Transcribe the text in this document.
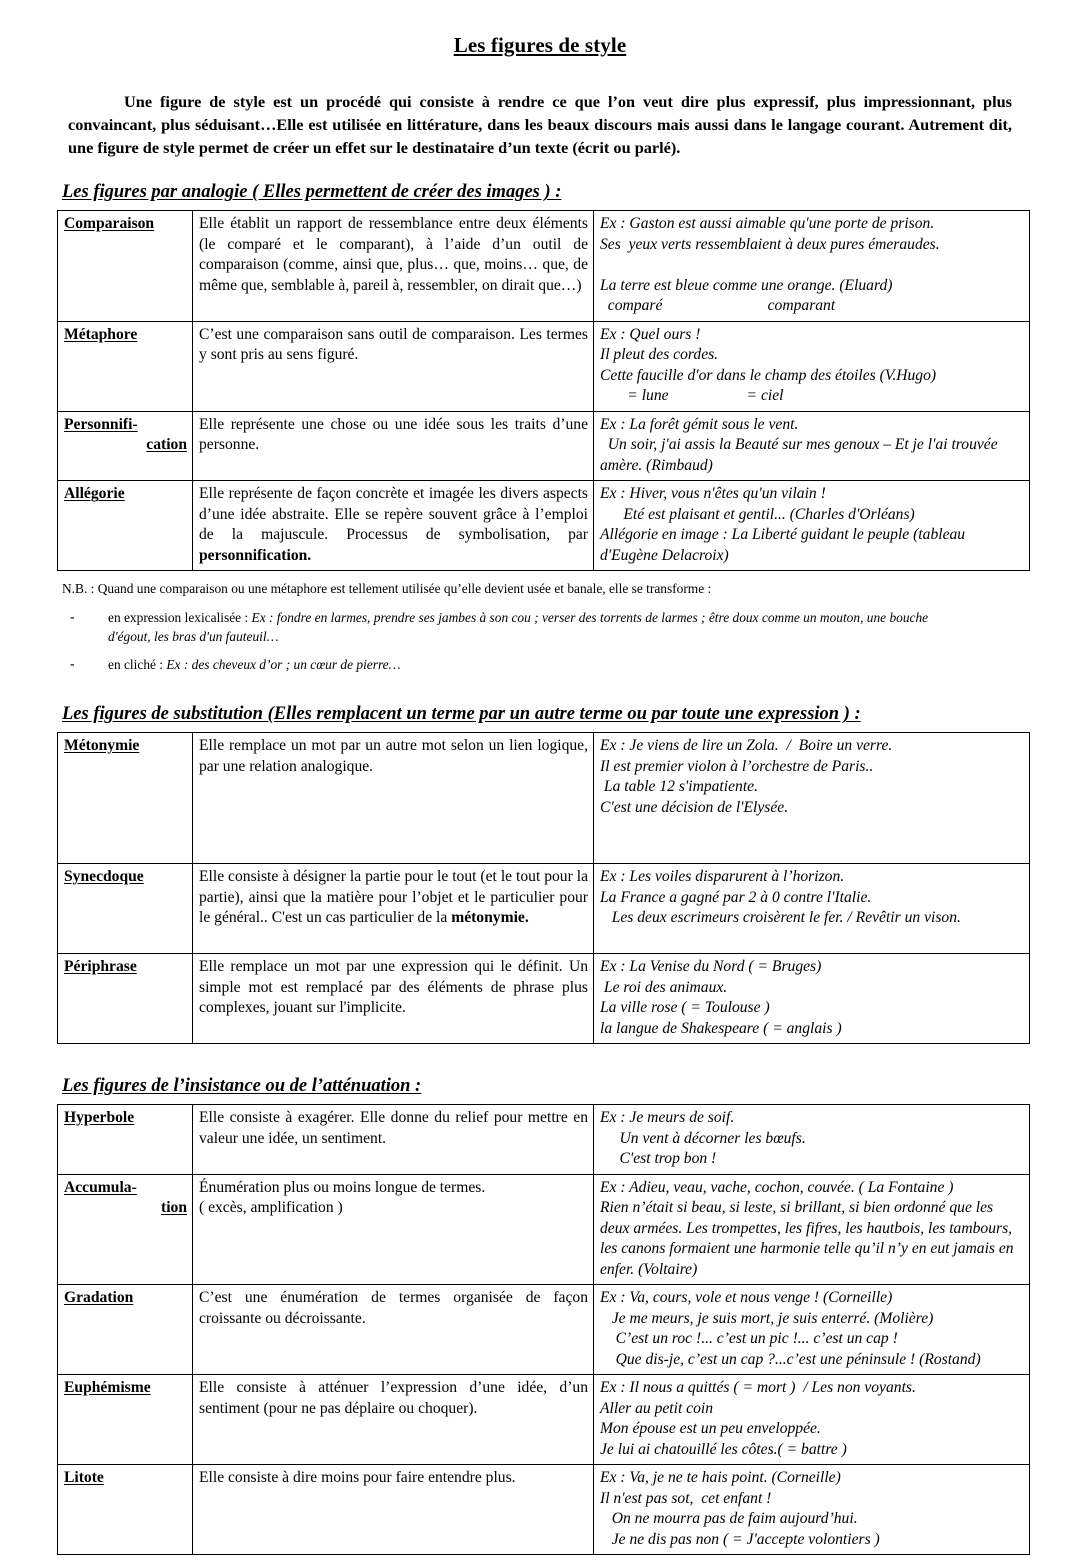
Les figures de style

Une figure de style est un procédé qui consiste à rendre ce que l’on veut dire plus expressif, plus impressionnant, plus convaincant, plus séduisant…Elle est utilisée en littérature, dans les beaux discours mais aussi dans le langage courant. Autrement dit, une figure de style permet de créer un effet sur le destinataire d’un texte (écrit ou parlé).

Les figures par analogie ( Elles permettent de créer des images ) :
Comparaison	Elle établit un rapport de ressemblance entre deux éléments (le comparé et le comparant), à l’aide d’un outil de comparaison (comme, ainsi que, plus… que, moins… que, de même que, semblable à, pareil à, ressembler, on dirait que…)	
Ex : Gaston est aussi aimable qu'une porte de prison.
Ses  yeux verts ressemblaient à deux pures émeraudes.

La terre est bleue comme une orange. (Eluard)
comparé                           comparant

Métaphore	C’est une comparaison sans outil de comparaison. Les termes y sont pris au sens figuré.	Ex : Quel ours !
Il pleut des cordes.
Cette faucille d'or dans le champ des étoiles (V.Hugo)
= lune                    = ciel

Personnifi-
cation	Elle représente une chose ou une idée sous les traits d’une personne.	Ex : La forêt gémit sous le vent.
Un soir, j'ai assis la Beauté sur mes genoux – Et je l'ai trouvée amère. (Rimbaud)

Allégorie	Elle représente de façon concrète et imagée les divers aspects d’une idée abstraite. Elle se repère souvent grâce à l’emploi de la majuscule. Processus de symbolisation, par personnification.	Ex : Hiver, vous n'êtes qu'un vilain !
Eté est plaisant et gentil... (Charles d'Orléans)
Allégorie en image : La Liberté guidant le peuple (tableau d'Eugène Delacroix)
N.B. : Quand une comparaison ou une métaphore est tellement utilisée qu’elle devient usée et banale, elle se transforme :
-	en expression lexicalisée : Ex : fondre en larmes, prendre ses jambes à son cou ; verser des torrents de larmes ; être doux comme un mouton, une bouche d'égout, les bras d'un fauteuil…
-	en cliché : Ex : des cheveux d’or ; un cœur de pierre…
Les figures de substitution (Elles remplacent un terme par un autre terme ou par toute une expression ) :
Métonymie	Elle remplace un mot par un autre mot selon un lien logique, par une relation analogique.	Ex : Je viens de lire un Zola.  /  Boire un verre.
Il est premier violon à l’orchestre de Paris..
La table 12 s'impatiente.
C'est une décision de l'Elysée.

Synecdoque	Elle consiste à désigner la partie pour le tout (et le tout pour la partie), ainsi que la matière pour l’objet et le particulier pour le général.. C'est un cas particulier de la métonymie.	Ex : Les voiles disparurent à l’horizon.
La France a gagné par 2 à 0 contre l'Italie.
Les deux escrimeurs croisèrent le fer. / Revêtir un vison.

Périphrase	Elle remplace un mot par une expression qui le définit. Un simple mot est remplacé par des éléments de phrase plus complexes, jouant sur l'implicite.	Ex : La Venise du Nord ( = Bruges)
Le roi des animaux.
La ville rose ( = Toulouse )
la langue de Shakespeare ( = anglais )
Les figures de l’insistance ou de l’atténuation :
Hyperbole	Elle consiste à exagérer. Elle donne du relief pour mettre en valeur une idée, un sentiment.	Ex : Je meurs de soif.
Un vent à décorner les bœufs.
C'est trop bon !

Accumula-
tion	Énumération plus ou moins longue de termes.
( excès, amplification )	Ex : Adieu, veau, vache, cochon, couvée. ( La Fontaine )
Rien n’était si beau, si leste, si brillant, si bien ordonné que les deux armées. Les trompettes, les fifres, les hautbois, les tambours, les canons formaient une harmonie telle qu’il n’y en eut jamais en enfer. (Voltaire)

Gradation	C’est une énumération de termes organisée de façon croissante ou décroissante.	Ex : Va, cours, vole et nous venge ! (Corneille)
Je me meurs, je suis mort, je suis enterré. (Molière)
C’est un roc !... c’est un pic !... c’est un cap !
Que dis-je, c’est un cap ?...c’est une péninsule ! (Rostand)

Euphémisme	Elle consiste à atténuer l’expression d’une idée, d’un sentiment (pour ne pas déplaire ou choquer).	Ex : Il nous a quittés ( = mort )  / Les non voyants.
Aller au petit coin
Mon épouse est un peu enveloppée.
Je lui ai chatouillé les côtes.( = battre )

Litote	Elle consiste à dire moins pour faire entendre plus.	Ex : Va, je ne te hais point. (Corneille)
Il n'est pas sot,  cet enfant !
On ne mourra pas de faim aujourd’hui.
Je ne dis pas non ( = J'accepte volontiers )
